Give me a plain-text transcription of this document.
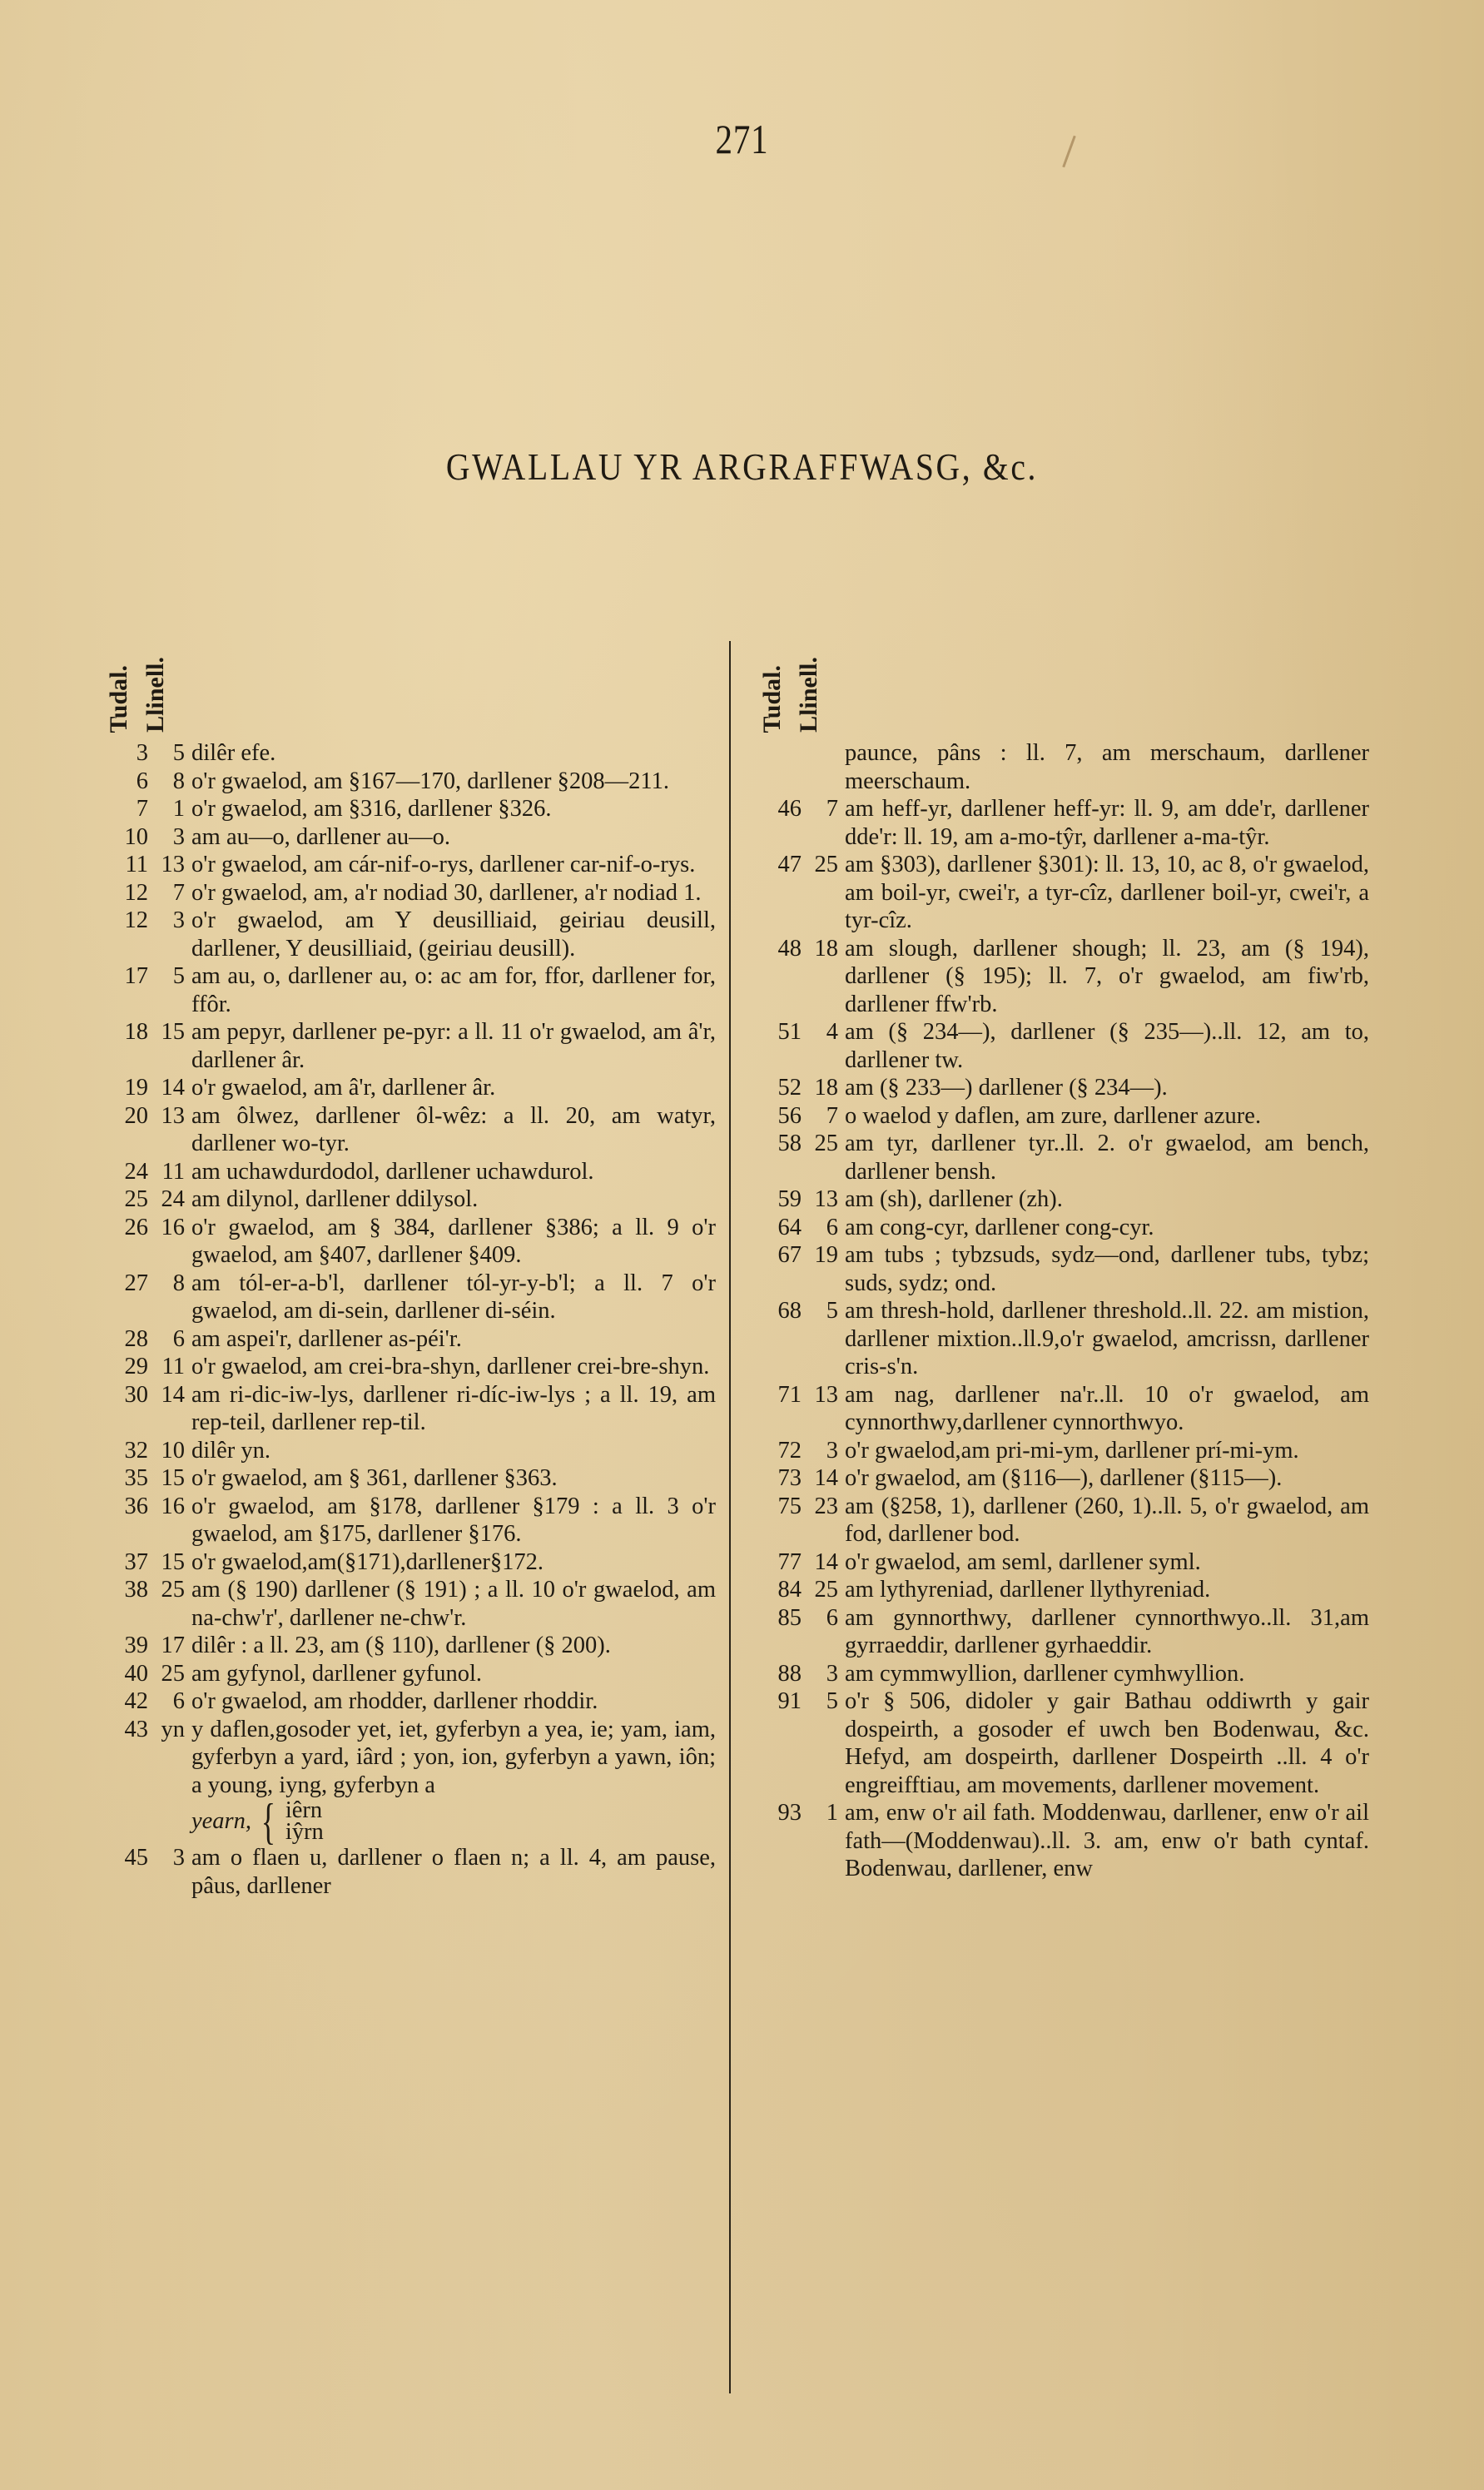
271
GWALLAU YR ARGRAFFWASG, &c.
Tudal. Llinell.
3	5 dilêr efe.
6	8 o'r gwaelod, am §167—170, darllener §208—211.
7	1 o'r gwaelod, am §316, darllener §326.
10	3 am au—o, darllener au—o.
11 13 o'r gwaelod, am cár-nif-o-rys, darllener car-nif-o-rys.
12	7 o'r gwaelod, am, a'r nodiad 30, darllener, a'r nodiad 1.
12	3 o'r gwaelod, am Y deusilliaid, geiriau deusill, darllener, Y deusilliaid, (geiriau deusill).
17	5 am au, o, darllener au, o: ac am for, ffor, darllener for, ffôr.
18 15 am pepyr, darllener pe-pyr: a ll. 11 o'r gwaelod, am â'r, darllener âr.
19 14 o'r gwaelod, am â'r, darllener âr.
20 13 am ôlwez, darllener ôl-wêz: a ll. 20, am watyr, darllener wo-tyr.
24 11 am uchawdurdodol, darllener uchawdurol.
25 24 am dilynol, darllener ddilysol.
26 16 o'r gwaelod, am § 384, darllener §386; a ll. 9 o'r gwaelod, am §407, darllener §409.
27	8 am tól-er-a-b'l, darllener tól-yr-y-b'l; a ll. 7 o'r gwaelod, am di-sein, darllener di-séin.
28	6 am aspei'r, darllener as-péi'r.
29 11 o'r gwaelod, am crei-bra-shyn, darllener crei-bre-shyn.
30 14 am ri-dic-iw-lys, darllener ri-díc-iw-lys ; a ll. 19, am rep-teil, darllener rep-til.
32 10 dilêr yn.
35 15 o'r gwaelod, am § 361, darllener §363.
36 16 o'r gwaelod, am §178, darllener §179 : a ll. 3 o'r gwaelod, am §175, darllener §176.
37 15 o'r gwaelod,am(§171),darllener§172.
38 25 am (§ 190) darllener (§ 191) ; a ll. 10 o'r gwaelod, am na-chw'r', darllener ne-chw'r.
39 17 dilêr : a ll. 23, am (§ 110), darllener (§ 200).
40 25 am gyfynol, darllener gyfunol.
42	6 o'r gwaelod, am rhodder, darllener rhoddir.
43 yn y daflen,gosoder yet, iet, gyferbyn a yea, ie; yam, iam, gyferbyn a yard, iârd ; yon, ion, gyferbyn a yawn, iôn; a young, iyng, gyferbyn a
yearn, { iêrn
iŷrn
45	3 am o flaen u, darllener o flaen n; a ll. 4, am pause, pâus, darllener
Tudal. Llinell.
paunce, pâns : ll. 7, am merschaum, darllener meerschaum.
46	7 am heff-yr, darllener heff-yr: ll. 9, am dde'r, darllener dde'r: ll. 19, am a-mo-tŷr, darllener a-ma-tŷr.
47 25 am §303), darllener §301): ll. 13, 10, ac 8, o'r gwaelod, am boil-yr, cwei'r, a tyr-cîz, darllener boil-yr, cwei'r, a tyr-cîz.
48 18 am slough, darllener shough; ll. 23, am (§ 194), darllener (§ 195); ll. 7, o'r gwaelod, am fiw'rb, darllener ffw'rb.
51	4 am (§ 234—), darllener (§ 235—)..ll. 12, am to, darllener tw.
52 18 am (§ 233—) darllener (§ 234—).
56	7 o waelod y daflen, am zure, darllener azure.
58 25 am tyr, darllener tyr..ll. 2. o'r gwaelod, am bench, darllener bensh.
59 13 am (sh), darllener (zh).
64	6 am cong-cyr, darllener cong-cyr.
67 19 am tubs ; tybzsuds, sydz—ond, darllener tubs, tybz; suds, sydz; ond.
68	5 am thresh-hold, darllener threshold..ll. 22. am mistion, darllener mixtion..ll.9,o'r gwaelod, amcrissn, darllener cris-s'n.
71 13 am nag, darllener na'r..ll. 10 o'r gwaelod, am cynnorthwy,darllener cynnorthwyo.
72	3 o'r gwaelod,am pri-mi-ym, darllener prí-mi-ym.
73 14 o'r gwaelod, am (§116—), darllener (§115—).
75 23 am (§258, 1), darllener (260, 1)..ll. 5, o'r gwaelod, am fod, darllener bod.
77 14 o'r gwaelod, am seml, darllener syml.
84 25 am lythyreniad, darllener llythyreniad.
85	6 am gynnorthwy, darllener cynnorthwyo..ll. 31,am gyrraeddir, darllener gyrhaeddir.
88	3 am cymmwyllion, darllener cymhwyllion.
91	5 o'r § 506, didoler y gair Bathau oddiwrth y gair dospeirth, a gosoder ef uwch ben Bodenwau, &c. Hefyd, am dospeirth, darllener Dospeirth ..ll. 4 o'r engreifftiau, am movements, darllener movement.
93	1 am, enw o'r ail fath. Moddenwau, darllener, enw o'r ail fath—(Moddenwau)..ll. 3. am, enw o'r bath cyntaf. Bodenwau, darllener, enw
